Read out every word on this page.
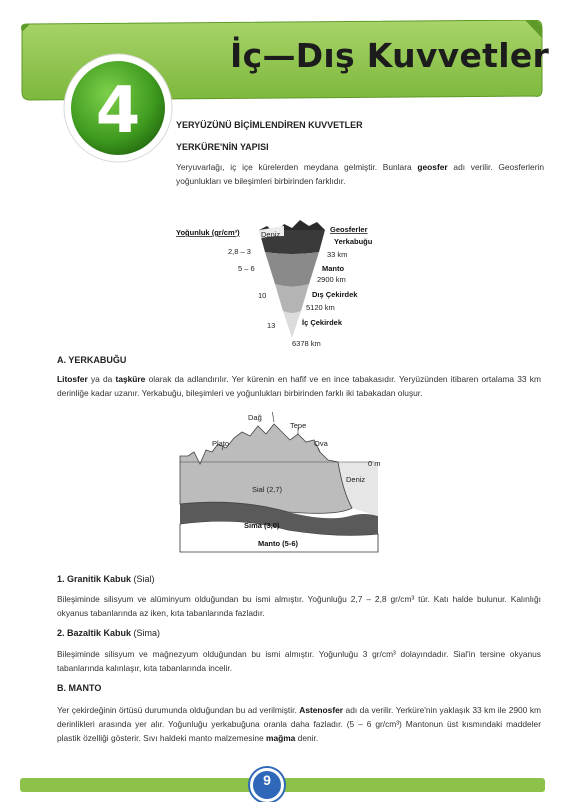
İç—Dış Kuvvetler
4	YERYÜZÜNÜ BİÇİMLENDİREN KUVVETLER
YERKÜRE'NİN YAPISI
Yeryuvarlağı, iç içe kürelerden meydana gelmiştir. Bunlara geosfer adı verilir. Geosferlerin yoğunlukları ve bileşimleri birbirinden farklıdır.
Deniz
Yoğunluk (gr/cm³)
2,8 – 3
5 – 6
10
13
Geosferler
Yerkabuğu
33 km
Manto
2900 km
Dış Çekirdek
5120 km
İç Çekirdek
6378 km
A. YERKABUĞU
Litosfer ya da taşküre olarak da adlandırılır. Yer kürenin en hafif ve en ince tabakasıdır. Yeryüzünden itibaren ortalama 33 km derinliğe kadar uzanır. Yerkabuğu, bileşimleri ve yoğunlukları birbirinden farklı iki tabakadan oluşur.
Dağ
Tepe
Plato	Ova
0 m
Deniz
Sial (2,7)
Sima (3,0)
Manto (5-6)
1. Granitik Kabuk (Sial)
Bileşiminde silisyum ve alüminyum olduğundan bu ismi almıştır. Yoğunluğu 2,7 – 2,8 gr/cm³ tür. Katı halde bulunur. Kalınlığı okyanus tabanlarında az iken, kıta tabanlarında fazladır.
2. Bazaltik Kabuk (Sima)
Bileşiminde silisyum ve mağnezyum olduğundan bu ismi almıştır. Yoğunluğu 3 gr/cm³ dolayındadır. Sial'in tersine okyanus tabanlarında kalınlaşır, kıta tabanlarında incelir.
B. MANTO
Yer çekirdeğinin örtüsü durumunda olduğundan bu ad verilmiştir. Astenosfer adı da verilir. Yerküre'nin yaklaşık 33 km ile 2900 km derinlikleri arasında yer alır. Yoğunluğu yerkabuğuna oranla daha fazladır. (5 – 6 gr/cm³) Mantonun üst kısmındaki maddeler plastik özelliği gösterir. Sıvı haldeki manto malzemesine mağma denir.
9
